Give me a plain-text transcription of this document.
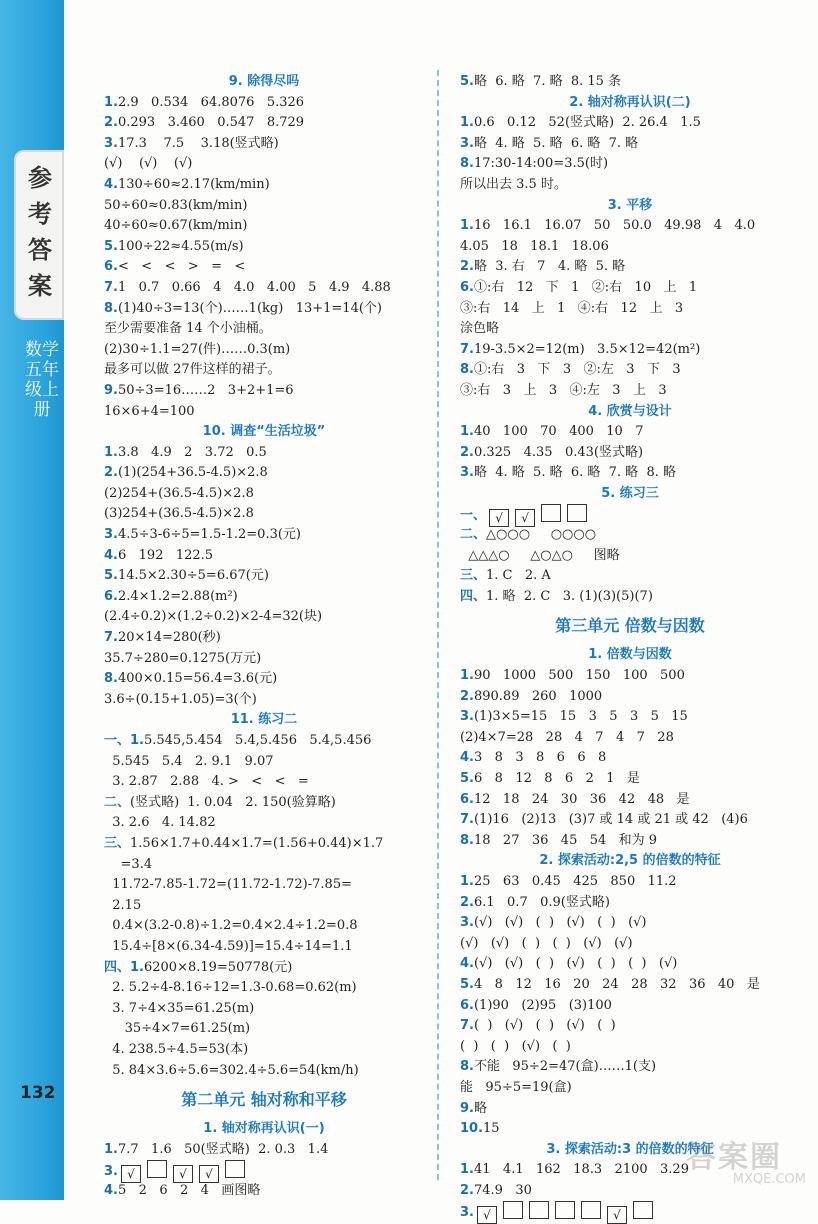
参考答案
数学 五年级上册
132
9. 除得尽吗
1.2.9   0.534   64.8076   5.326
2.0.293   3.460   0.547   8.729
3.17.3    7.5    3.18(竖式略)
(√)    (√)    (√)
4.130÷60≈2.17(km/min)
50÷60≈0.83(km/min)
40÷60≈0.67(km/min)
5.100÷22≈4.55(m/s)
6.<   <   <   >   =   <
7.1   0.7   0.66   4   4.0   4.00   5   4.9   4.88
8.(1)40÷3=13(个)……1(kg)   13+1=14(个)
至少需要准备 14 个小油桶。
(2)30÷1.1=27(件)……0.3(m)
最多可以做 27件这样的裙子。
9.50÷3=16……2   3+2+1=6
16×6+4=100
10. 调查“生活垃圾”
1.3.8   4.9   2   3.72   0.5
2.(1)(254+36.5-4.5)×2.8
(2)254+(36.5-4.5)×2.8
(3)254+(36.5-4.5)×2.8
3.4.5÷3-6÷5=1.5-1.2=0.3(元)
4.6   192   122.5
5.14.5×2.30÷5=6.67(元)
6.2.4×1.2=2.88(m²)
(2.4÷0.2)×(1.2÷0.2)×2-4=32(块)
7.20×14=280(秒)
35.7÷280=0.1275(万元)
8.400×0.15=56.4=3.6(元)
3.6÷(0.15+1.05)=3(个)
11. 练习二
一、1.5.545,5.454   5.4,5.456   5.4,5.456
5.545   5.4   2. 9.1   9.07
3. 2.87   2.88   4. >   <   <   =
二、(竖式略)  1. 0.04   2. 150(验算略)
3. 2.6   4. 14.82
三、1.56×1.7+0.44×1.7=(1.56+0.44)×1.7
=3.4
11.72-7.85-1.72=(11.72-1.72)-7.85=
2.15
0.4×(3.2-0.8)÷1.2=0.4×2.4÷1.2=0.8
15.4÷[8×(6.34-4.59)]=15.4÷14=1.1
四、1.6200×8.19=50778(元)
2. 5.2÷4-8.16÷12=1.3-0.68=0.62(m)
3. 7÷4×35=61.25(m)
35÷4×7=61.25(m)
4. 238.5÷4.5=53(本)
5. 84×3.6÷5.6=302.4÷5.6=54(km/h)
第二单元 轴对称和平移
1. 轴对称再认识(一)
1.7.7   1.6   50(竖式略)  2. 0.3   1.4
3. √	√ √
4.5   2   6   2   4   画图略
5.略  6. 略  7. 略  8. 15 条
2. 轴对称再认识(二)
1.0.6   0.12   52(竖式略)  2. 26.4   1.5
3.略  4. 略  5. 略  6. 略  7. 略
8.17:30-14:00=3.5(时)
所以出去 3.5 时。
3. 平移
1.16   16.1   16.07   50   50.0   49.98   4   4.0
4.05   18   18.1   18.06
2.略  3. 右   7   4. 略  5. 略
6.①:右   12   下   1   ②:右   10   上   1
③:右   14   上   1   ④:右   12   上   3
涂色略
7.19-3.5×2=12(m)   3.5×12=42(m²)
8.①:右   3   下   3   ②:左   3   下   3
③:右   3   上   3   ④:左   3   上   3
4. 欣赏与设计
1.40   100   70   400   10   7
2.0.325   4.35   0.43(竖式略)
3.略  4. 略  5. 略  6. 略  7. 略  8. 略
5. 练习三
一、 √ √
二、△○○○     ○○○○
△△△○     △○△○     图略
三、1. C   2. A
四、1. 略  2. C   3. (1)(3)(5)(7)
第三单元 倍数与因数
1. 倍数与因数
1.90   1000   500   150   100   500
2.890.89   260   1000
3.(1)3×5=15   15   3   5   3   5   15
(2)4×7=28   28   4   7   4   7   28
4.3   8   3   8   6   6   8
5.6   8   12   8   6   2   1   是
6.12   18   24   30   36   42   48   是
7.(1)16   (2)13   (3)7 或 14 或 21 或 42   (4)6
8.18   27   36   45   54   和为 9
2. 探索活动:2,5 的倍数的特征
1.25   63   0.45   425   850   11.2
2.6.1   0.7   0.9(竖式略)
3.(√)   (√)   (  )   (√)   (  )   (√)
(√)   (√)   (  )   (  )   (√)   (√)
4.(√)   (√)   (  )   (√)   (  )   (  )   (√)
5.4   8   12   16   20   24   28   32   36   40   是
6.(1)90   (2)95   (3)100
7.(  )   (√)   (  )   (√)   (  )
(  )   (  )   (√)   (  )
8.不能   95÷2=47(盒)……1(支)
能   95÷5=19(盒)
9.略
10.15
3. 探索活动:3 的倍数的特征
1.41   4.1   162   18.3   2100   3.29
2.74.9   30
3. √	√
答案圈
MXQE.COM
